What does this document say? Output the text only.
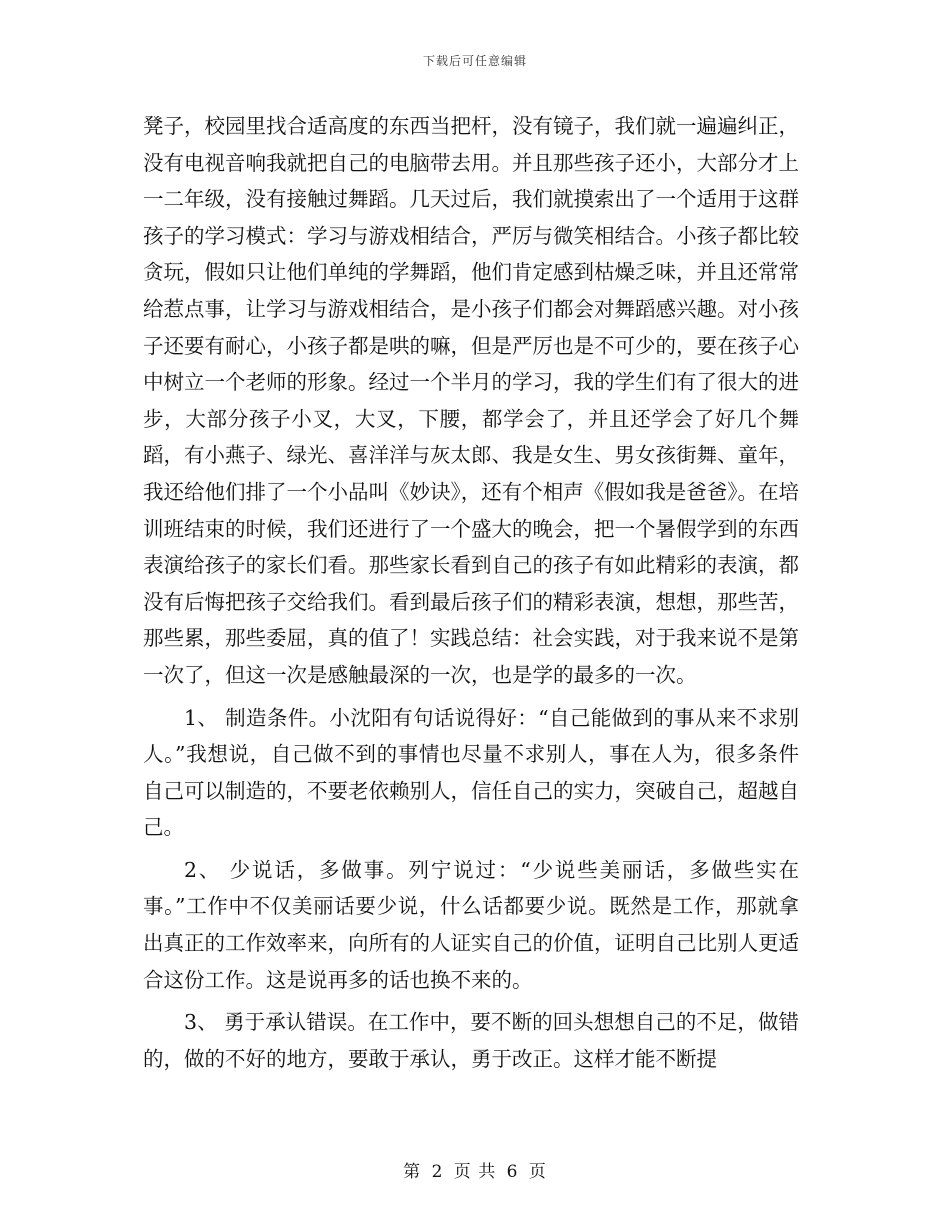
下载后可任意编辑

凳子，校园里找合适高度的东西当把杆，没有镜子，我们就一遍遍纠正，没有电视音响我就把自己的电脑带去用。并且那些孩子还小，大部分才上一二年级，没有接触过舞蹈。几天过后，我们就摸索出了一个适用于这群孩子的学习模式：学习与游戏相结合，严厉与微笑相结合。小孩子都比较贪玩，假如只让他们单纯的学舞蹈，他们肯定感到枯燥乏味，并且还常常给惹点事，让学习与游戏相结合，是小孩子们都会对舞蹈感兴趣。对小孩子还要有耐心，小孩子都是哄的嘛，但是严厉也是不可少的，要在孩子心中树立一个老师的形象。经过一个半月的学习，我的学生们有了很大的进步，大部分孩子小叉，大叉，下腰，都学会了，并且还学会了好几个舞蹈，有小燕子、绿光、喜洋洋与灰太郎、我是女生、男女孩街舞、童年，我还给他们排了一个小品叫《妙诀》，还有个相声《假如我是爸爸》。在培训班结束的时候，我们还进行了一个盛大的晚会，把一个暑假学到的东西表演给孩子的家长们看。那些家长看到自己的孩子有如此精彩的表演，都没有后悔把孩子交给我们。看到最后孩子们的精彩表演，想想，那些苦，那些累，那些委屈，真的值了！实践总结：社会实践，对于我来说不是第一次了，但这一次是感触最深的一次，也是学的最多的一次。

1、 制造条件。小沈阳有句话说得好：“自己能做到的事从来不求别人。”我想说，自己做不到的事情也尽量不求别人，事在人为，很多条件自己可以制造的，不要老依赖别人，信任自己的实力，突破自己，超越自己。

2、 少说话，多做事。列宁说过：“少说些美丽话，多做些实在事。”工作中不仅美丽话要少说，什么话都要少说。既然是工作，那就拿出真正的工作效率来，向所有的人证实自己的价值，证明自己比别人更适合这份工作。这是说再多的话也换不来的。

3、 勇于承认错误。在工作中，要不断的回头想想自己的不足，做错的，做的不好的地方，要敢于承认，勇于改正。这样才能不断提

第 2 页 共 6 页
